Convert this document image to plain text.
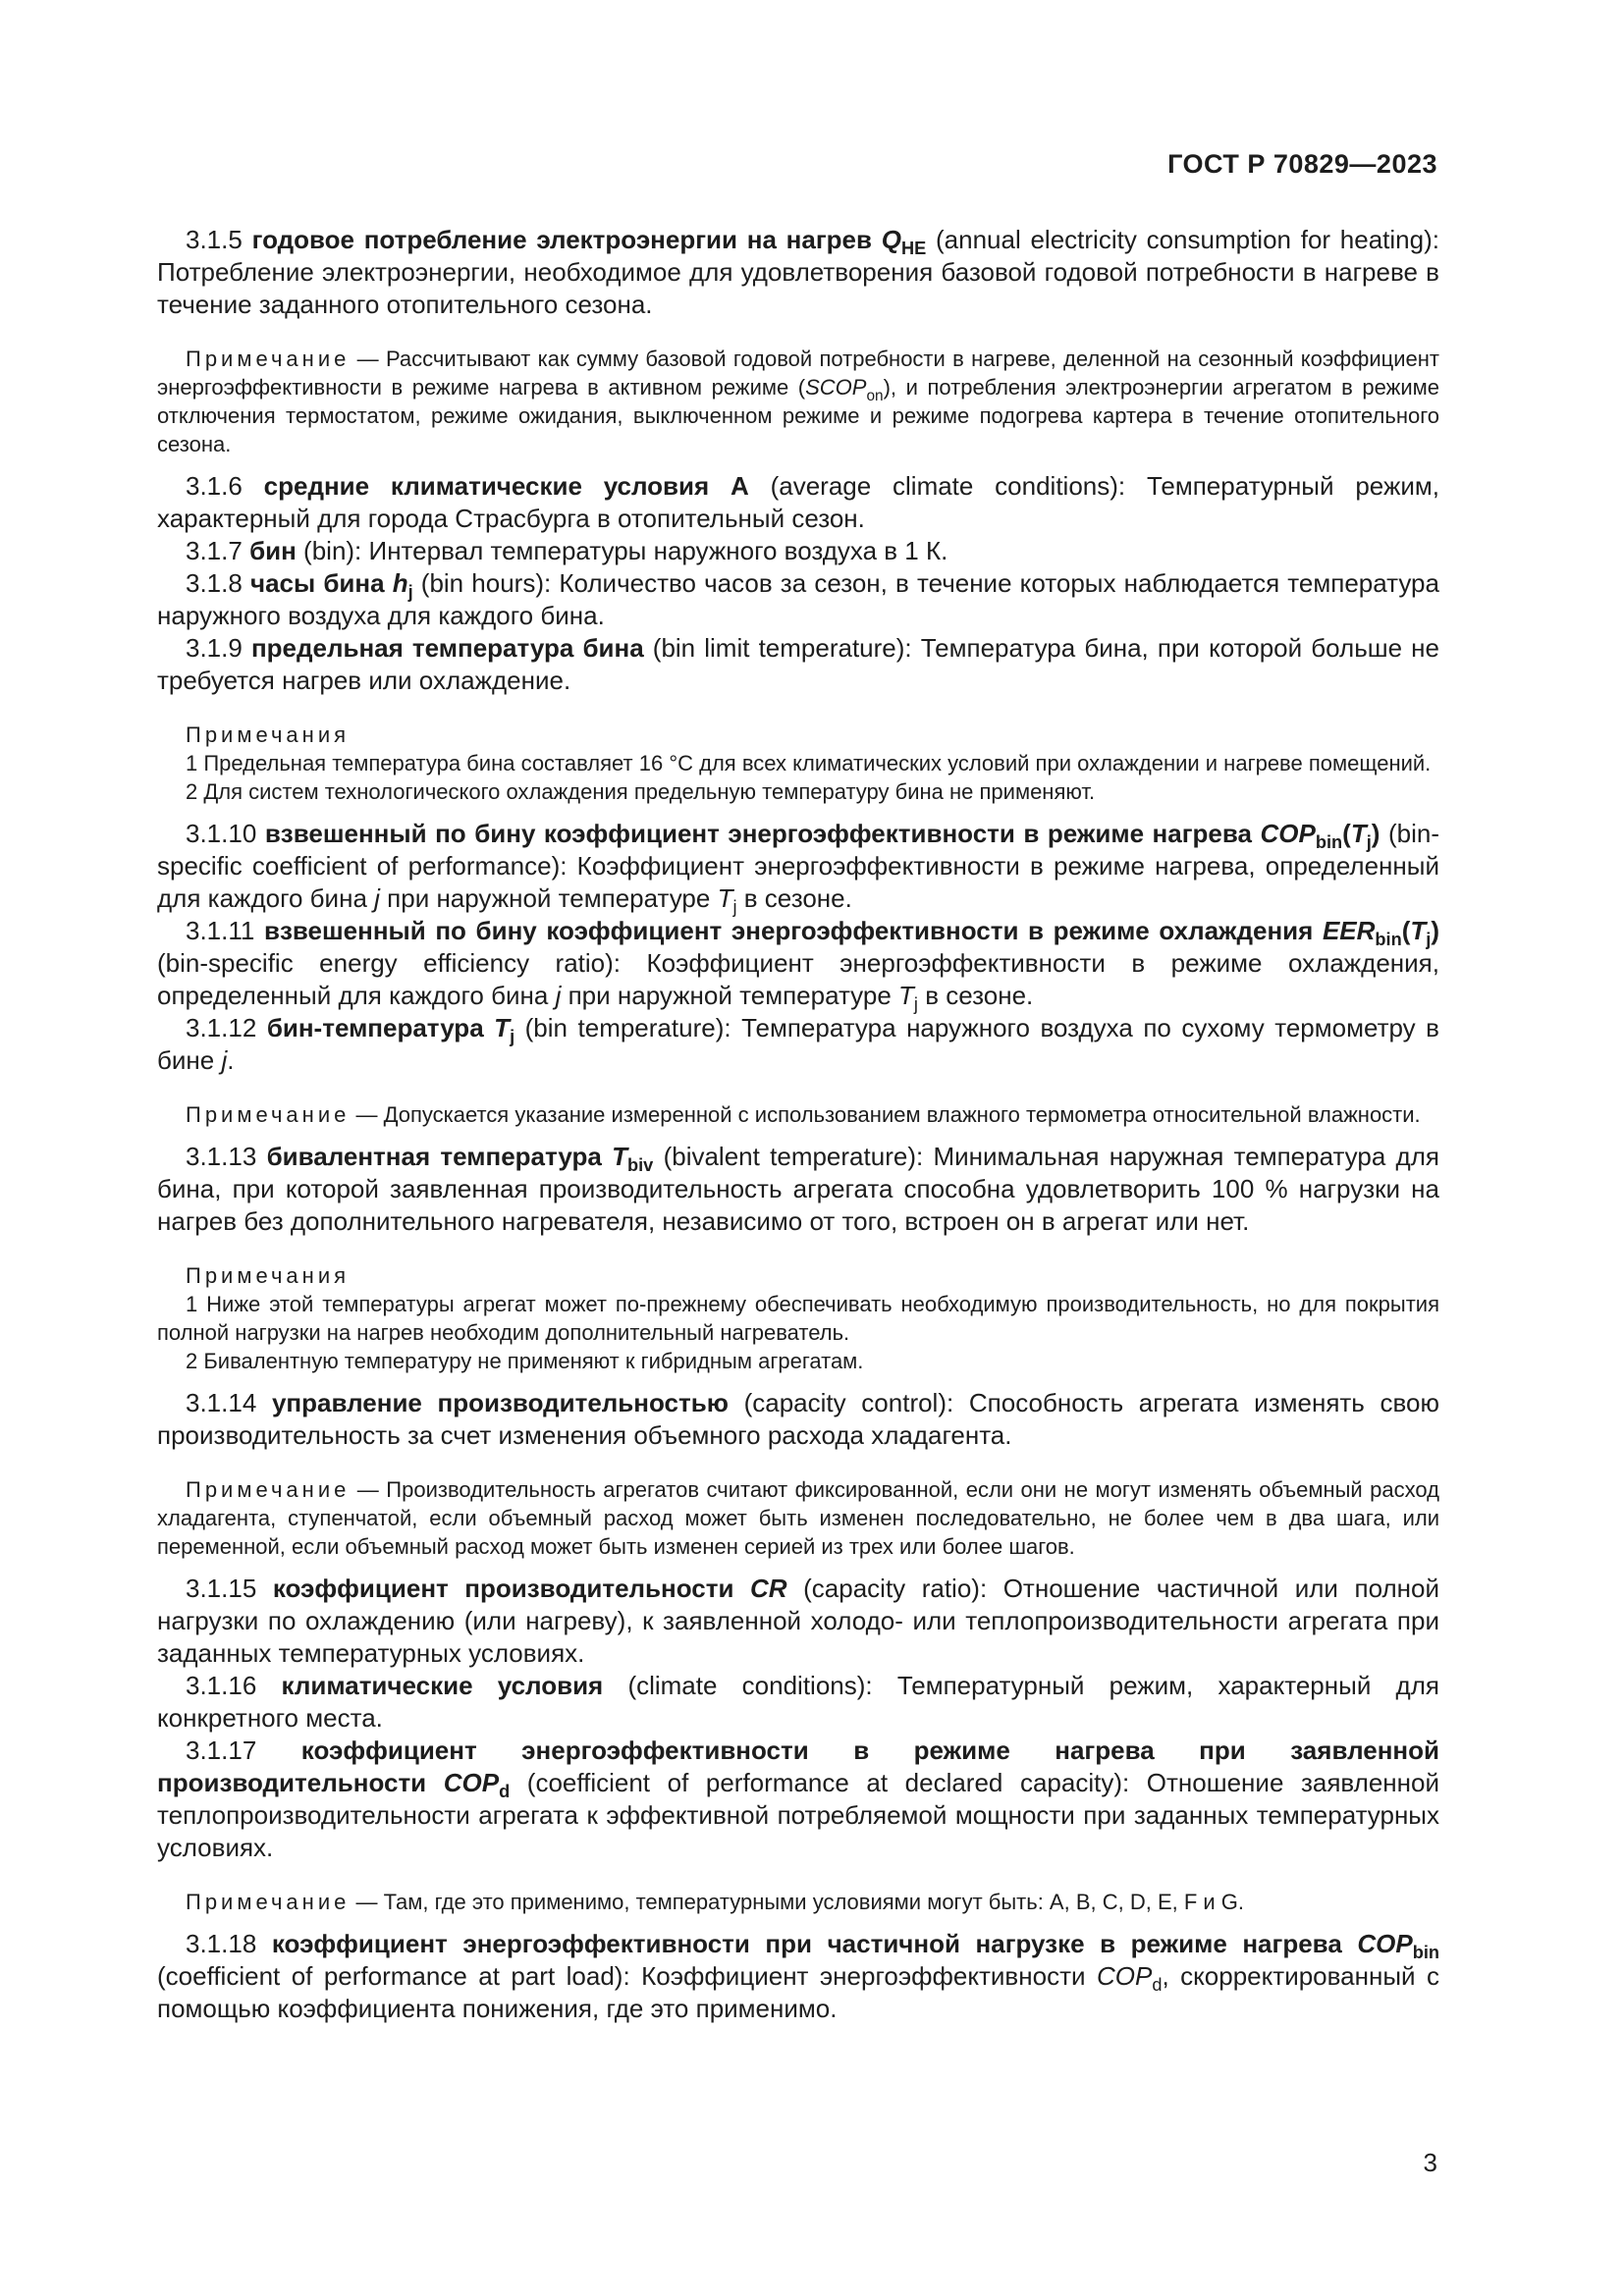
ГОСТ Р 70829—2023

3.1.5 годовое потребление электроэнергии на нагрев $Q_{HE}$ (annual electricity consumption for heating): Потребление электроэнергии, необходимое для удовлетворения базовой годовой потребности в нагреве в течение заданного отопительного сезона.

Примечание — Рассчитывают как сумму базовой годовой потребности в нагреве, деленной на сезонный коэффициент энергоэффективности в режиме нагрева в активном режиме $(SCOP_{on})$, и потребления электроэнергии агрегатом в режиме отключения термостатом, режиме ожидания, выключенном режиме и режиме подогрева картера в течение отопительного сезона.

3.1.6 средние климатические условия А (average climate conditions): Температурный режим, характерный для города Страсбурга в отопительный сезон.

3.1.7 бин (bin): Интервал температуры наружного воздуха в 1 К.

3.1.8 часы бина $h_j$ (bin hours): Количество часов за сезон, в течение которых наблюдается температура наружного воздуха для каждого бина.

3.1.9 предельная температура бина (bin limit temperature): Температура бина, при которой больше не требуется нагрев или охлаждение.

Примечания

1 Предельная температура бина составляет 16 °C для всех климатических условий при охлаждении и нагреве помещений.

2 Для систем технологического охлаждения предельную температуру бина не применяют.

3.1.10 взвешенный по бину коэффициент энергоэффективности в режиме нагрева $COP_{bin}(T_j)$ (bin-specific coefficient of performance): Коэффициент энергоэффективности в режиме нагрева, определенный для каждого бина j при наружной температуре $T_j$ в сезоне.

3.1.11 взвешенный по бину коэффициент энергоэффективности в режиме охлаждения $EER_{bin}(T_j)$ (bin-specific energy efficiency ratio): Коэффициент энергоэффективности в режиме охлаждения, определенный для каждого бина j при наружной температуре $T_j$ в сезоне.

3.1.12 бин-температура $T_j$ (bin temperature): Температура наружного воздуха по сухому термометру в бине j.

Примечание — Допускается указание измеренной с использованием влажного термометра относительной влажности.

3.1.13 бивалентная температура $T_{biv}$ (bivalent temperature): Минимальная наружная температура для бина, при которой заявленная производительность агрегата способна удовлетворить 100 % нагрузки на нагрев без дополнительного нагревателя, независимо от того, встроен он в агрегат или нет.

Примечания

1 Ниже этой температуры агрегат может по-прежнему обеспечивать необходимую производительность, но для покрытия полной нагрузки на нагрев необходим дополнительный нагреватель.

2 Бивалентную температуру не применяют к гибридным агрегатам.

3.1.14 управление производительностью (capacity control): Способность агрегата изменять свою производительность за счет изменения объемного расхода хладагента.

Примечание — Производительность агрегатов считают фиксированной, если они не могут изменять объемный расход хладагента, ступенчатой, если объемный расход может быть изменен последовательно, не более чем в два шага, или переменной, если объемный расход может быть изменен серией из трех или более шагов.

3.1.15 коэффициент производительности CR (capacity ratio): Отношение частичной или полной нагрузки по охлаждению (или нагреву), к заявленной холодо- или теплопроизводительности агрегата при заданных температурных условиях.

3.1.16 климатические условия (climate conditions): Температурный режим, характерный для конкретного места.

3.1.17 коэффициент энергоэффективности в режиме нагрева при заявленной производительности $COP_d$ (coefficient of performance at declared capacity): Отношение заявленной теплопроизводительности агрегата к эффективной потребляемой мощности при заданных температурных условиях.

Примечание — Там, где это применимо, температурными условиями могут быть: A, B, C, D, E, F и G.

3.1.18 коэффициент энергоэффективности при частичной нагрузке в режиме нагрева $COP_{bin}$ (coefficient of performance at part load): Коэффициент энергоэффективности $COP_d$, скорректированный с помощью коэффициента понижения, где это применимо.

3
